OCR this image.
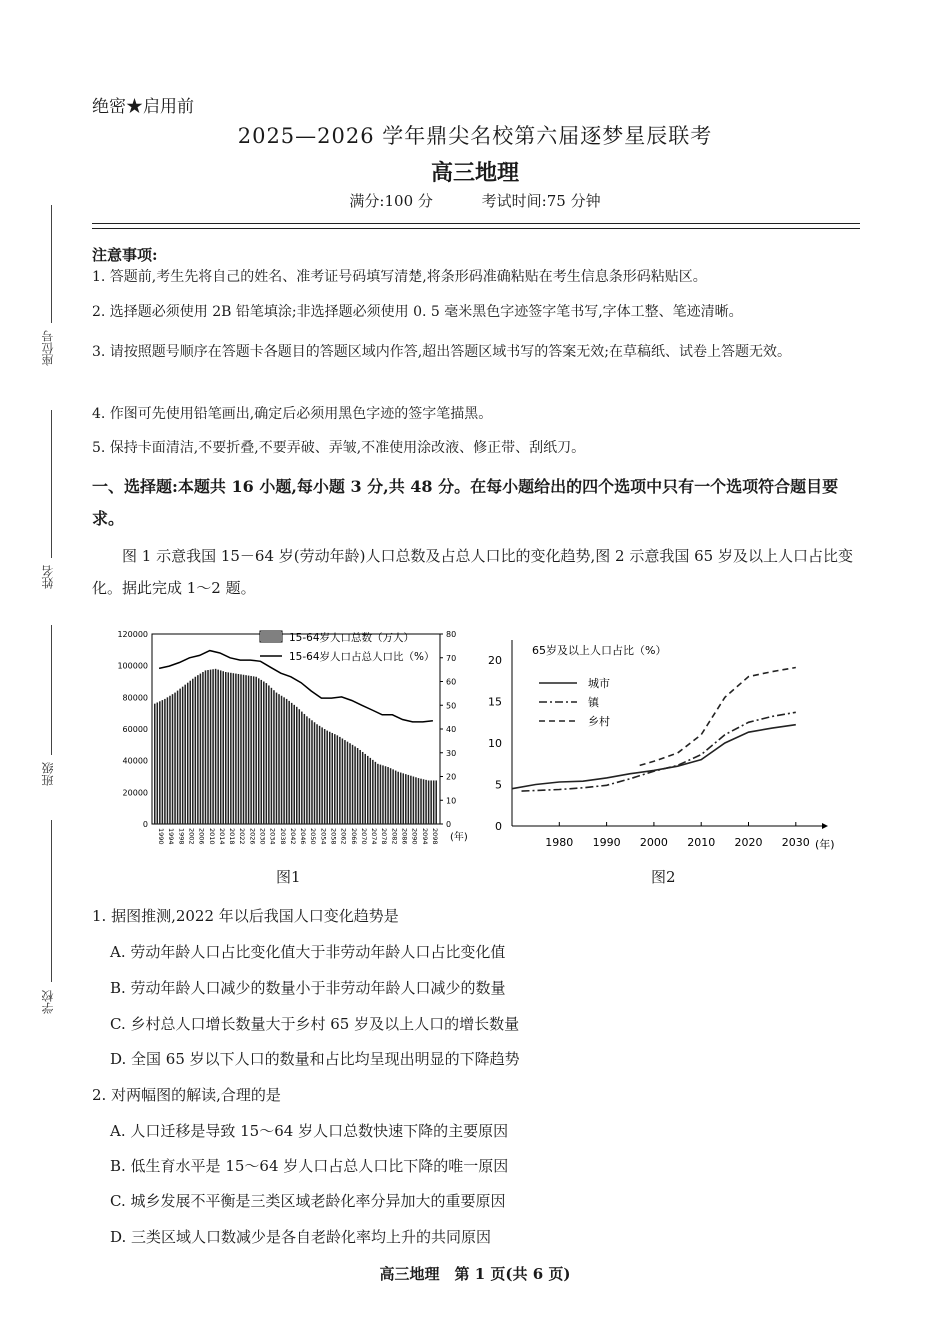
座位号
姓名
班级
学校
绝密★启用前
2025—2026 学年鼎尖名校第六届逐梦星辰联考
高三地理
满分:100 分	考试时间:75 分钟
注意事项:
1. 答题前,考生先将自己的姓名、准考证号码填写清楚,将条形码准确粘贴在考生信息条形码粘贴区。
2. 选择题必须使用 2B 铅笔填涂;非选择题必须使用 0. 5 毫米黑色字迹签字笔书写,字体工整、笔迹清晰。
3. 请按照题号顺序在答题卡各题目的答题区域内作答,超出答题区域书写的答案无效;在草稿纸、试卷上答题无效。
4. 作图可先使用铅笔画出,确定后必须用黑色字迹的签字笔描黑。
5. 保持卡面清洁,不要折叠,不要弄破、弄皱,不准使用涂改液、修正带、刮纸刀。
一、选择题:本题共 16 小题,每小题 3 分,共 48 分。在每小题给出的四个选项中只有一个选项符合题目要求。
图 1 示意我国 15－64 岁(劳动年龄)人口总数及占总人口比的变化趋势,图 2 示意我国 65 岁及以上人口占比变化。据此完成 1～2 题。
0
20000
40000
60000
80000
100000
120000
0
10
20
30
40
50
60
70
80
1990 1994 1998 2002 2006 2010 2014 2018 2022 2026 2030 2034 2038 2042 2046 2050 2054 2058 2062 2066 2070 2074 2078 2082 2086 2090 2094 2098
15-64岁人口总数（万人）
15-64岁人口占总人口比（%）
(年)
图1
0
5
10
15
20
1980 1990 2000 2010 2020 2030
65岁及以上人口占比（%）
城市
镇
乡村
(年)
图2
1. 据图推测,2022 年以后我国人口变化趋势是
A. 劳动年龄人口占比变化值大于非劳动年龄人口占比变化值
B. 劳动年龄人口减少的数量小于非劳动年龄人口减少的数量
C. 乡村总人口增长数量大于乡村 65 岁及以上人口的增长数量
D. 全国 65 岁以下人口的数量和占比均呈现出明显的下降趋势
2. 对两幅图的解读,合理的是
A. 人口迁移是导致 15～64 岁人口总数快速下降的主要原因
B. 低生育水平是 15～64 岁人口占总人口比下降的唯一原因
C. 城乡发展不平衡是三类区域老龄化率分异加大的重要原因
D. 三类区域人口数减少是各自老龄化率均上升的共同原因
高三地理　第 1 页(共 6 页)
